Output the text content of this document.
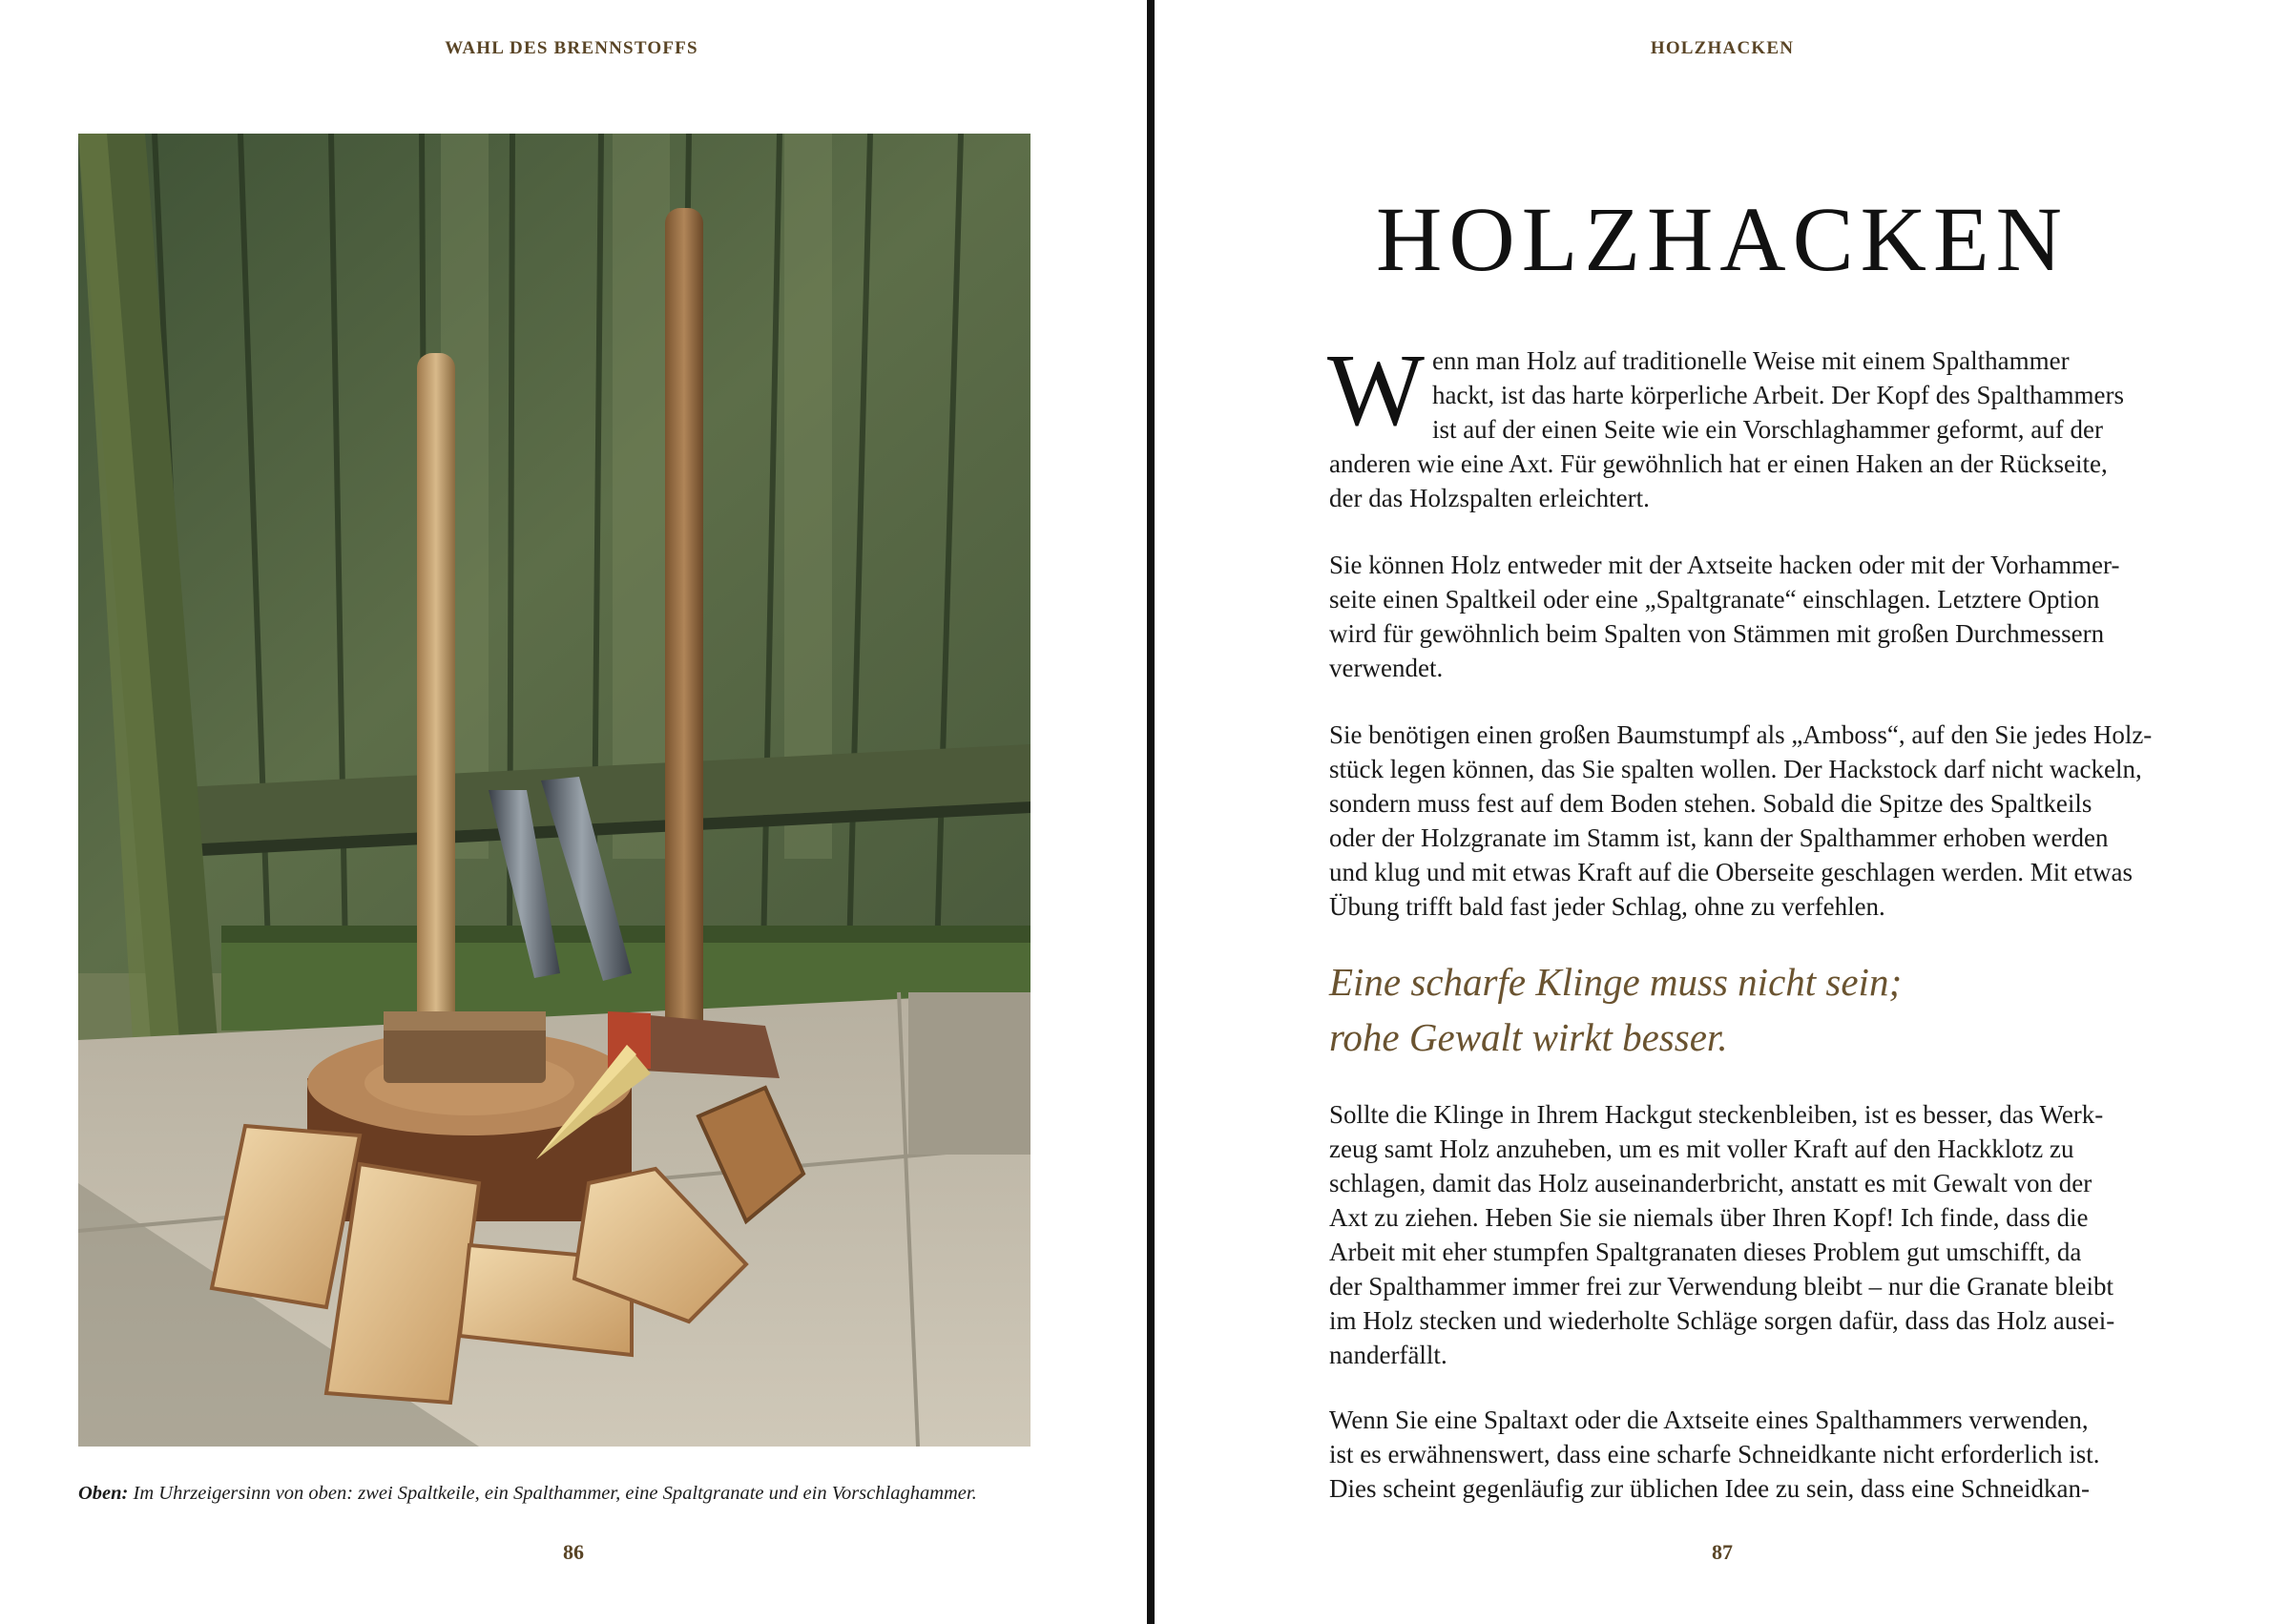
WAHL DES BRENNSTOFFS
Oben: Im Uhrzeigersinn von oben: zwei Spaltkeile, ein Spalthammer, eine Spaltgranate und ein Vorschlaghammer.
86
HOLZHACKEN
HOLZHACKEN
W enn man Holz auf traditionelle Weise mit einem Spalthammer
hackt, ist das harte körperliche Arbeit. Der Kopf des Spalthammers
ist auf der einen Seite wie ein Vorschlaghammer geformt, auf der
anderen wie eine Axt. Für gewöhnlich hat er einen Haken an der Rückseite,
der das Holzspalten erleichtert.
Sie können Holz entweder mit der Axtseite hacken oder mit der Vorhammer-
seite einen Spaltkeil oder eine „Spaltgranate“ einschlagen. Letztere Option
wird für gewöhnlich beim Spalten von Stämmen mit großen Durchmessern
verwendet.
Sie benötigen einen großen Baumstumpf als „Amboss“, auf den Sie jedes Holz-
stück legen können, das Sie spalten wollen. Der Hackstock darf nicht wackeln,
sondern muss fest auf dem Boden stehen. Sobald die Spitze des Spaltkeils
oder der Holzgranate im Stamm ist, kann der Spalthammer erhoben werden
und klug und mit etwas Kraft auf die Oberseite geschlagen werden. Mit etwas
Übung trifft bald fast jeder Schlag, ohne zu verfehlen.
Eine scharfe Klinge muss nicht sein;
rohe Gewalt wirkt besser.
Sollte die Klinge in Ihrem Hackgut steckenbleiben, ist es besser, das Werk-
zeug samt Holz anzuheben, um es mit voller Kraft auf den Hackklotz zu
schlagen, damit das Holz auseinanderbricht, anstatt es mit Gewalt von der
Axt zu ziehen. Heben Sie sie niemals über Ihren Kopf! Ich finde, dass die
Arbeit mit eher stumpfen Spaltgranaten dieses Problem gut umschifft, da
der Spalthammer immer frei zur Verwendung bleibt – nur die Granate bleibt
im Holz stecken und wiederholte Schläge sorgen dafür, dass das Holz ausei-
nanderfällt.
Wenn Sie eine Spaltaxt oder die Axtseite eines Spalthammers verwenden,
ist es erwähnenswert, dass eine scharfe Schneidkante nicht erforderlich ist.
Dies scheint gegenläufig zur üblichen Idee zu sein, dass eine Schneidkan-
87
